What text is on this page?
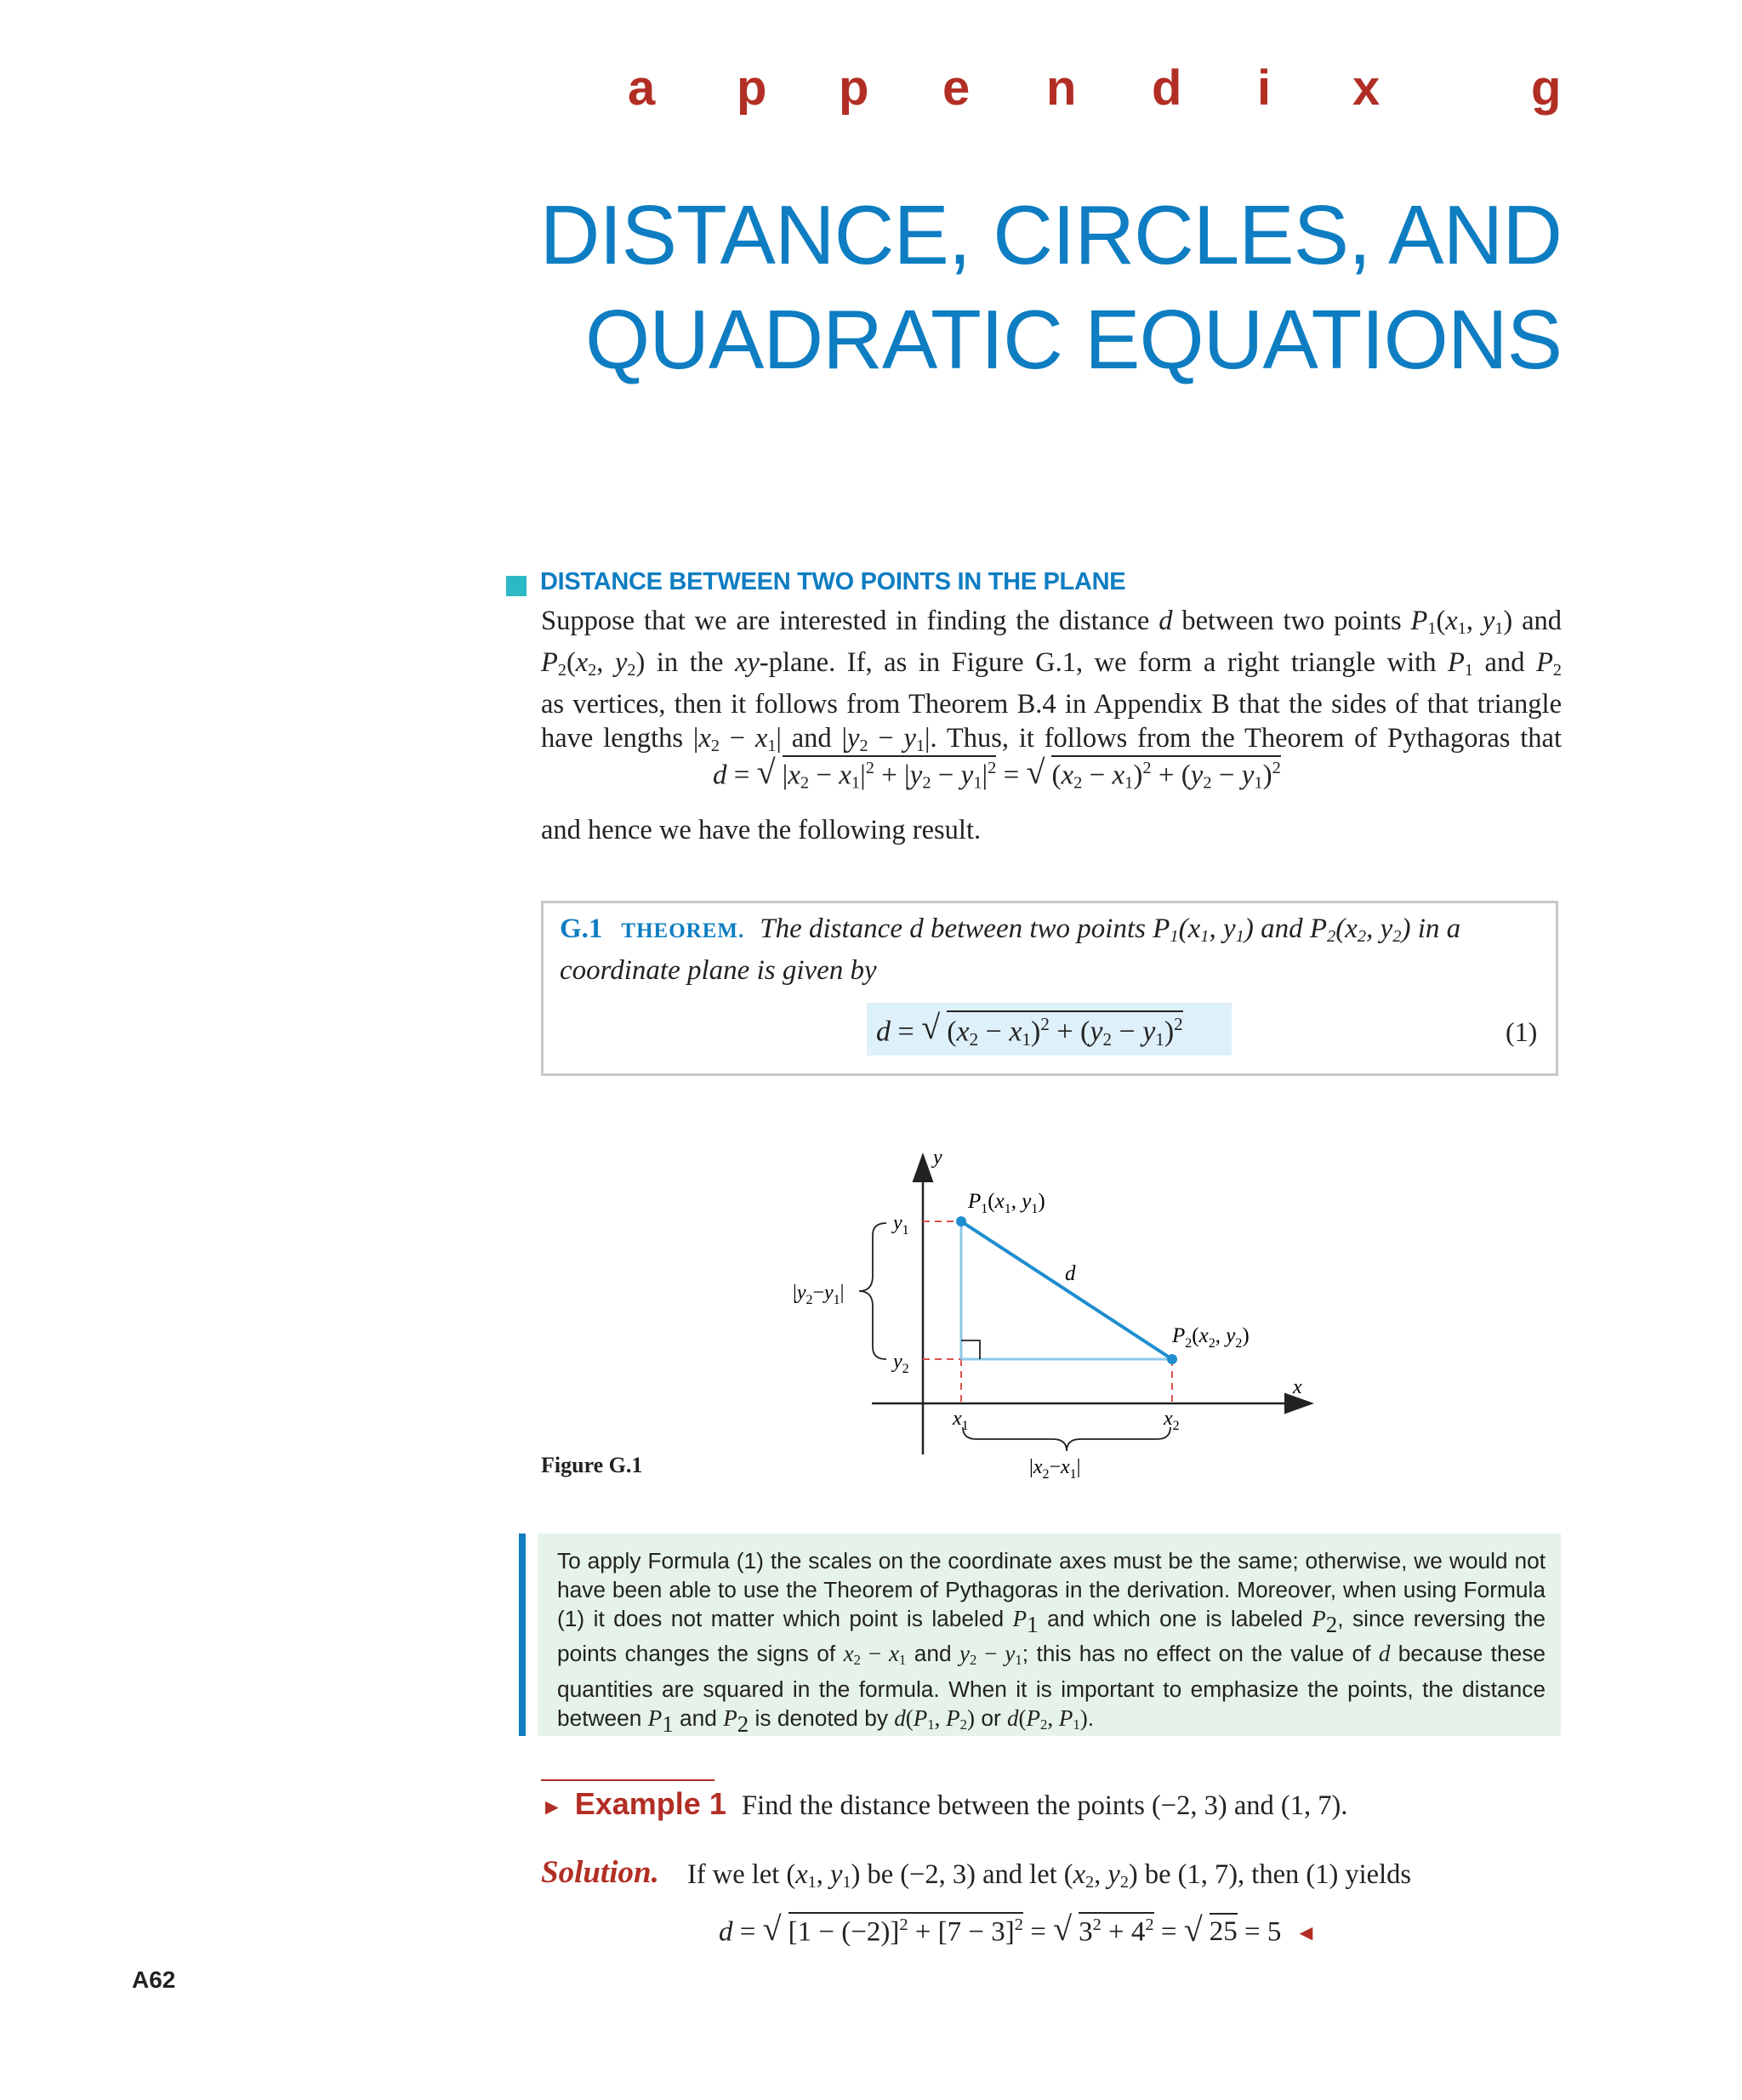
a p p e n d i x	g
DISTANCE, CIRCLES, AND
QUADRATIC EQUATIONS
DISTANCE BETWEEN TWO POINTS IN THE PLANE
Suppose that we are interested in finding the distance d between two points $P_1(x_1$, $y_1$) and
$P_2(x_2$, $y_2$) in the xy-plane. If, as in Figure G.1, we form a right triangle with $P_1$ and $P_2$
as vertices, then it follows from Theorem B.4 in Appendix B that the sides of that triangle
have lengths $|x_2 - x_1|$ and $|y_2 - y_1|$. Thus, it follows from the Theorem of Pythagoras that
d = √ $|x_2 - x_1|^2 + |y_2 - y_1|^2$ = √ $(x_2 - x_1)^2 + (y_2 - y_1)^2$
and hence we have the following result.
G.1 THEOREM. The distance d between two points $P_1(x_1$, $y_1$) and $P_2(x_2$, $y_2$) in a
coordinate plane is given by
d = √ $(x_2 - x_1)^2 + (y_2 - y_1)^2$	(1)
y
x
$P_1(x_1$, $y_1$)
d
$P_2(x_2$, $y_2$)
$y_1$
$y_2$
$x_1$	$x_2$
$|y_2-y_1|$
$|x_2-x_1|$
Figure G.1
To apply Formula (1) the scales on the coordinate axes must be the same; otherwise, we would not
have been able to use the Theorem of Pythagoras in the derivation. Moreover, when using Formula
(1) it does not matter which point is labeled $P_1$ and which one is labeled $P_2$, since reversing the
points changes the signs of $x_2 - x_1$ and $y_2 - y_1$; this has no effect on the value of d because these
quantities are squared in the formula. When it is important to emphasize the points, the distance
between $P_1$ and $P_2$ is denoted by $d(P_1$, $P_2$) or $d(P_2$, $P_1$).
► Example 1 Find the distance between the points (−2, 3) and (1, 7).
Solution. If we let ($x_1$, $y_1$) be (−2, 3) and let ($x_2$, $y_2$) be (1, 7), then (1) yields
d = √ $[1 - (-2)]^2 + [7 - 3]^2$ = √ $3^2 + 4^2$ = √ 25 = 5 ◄
A62
